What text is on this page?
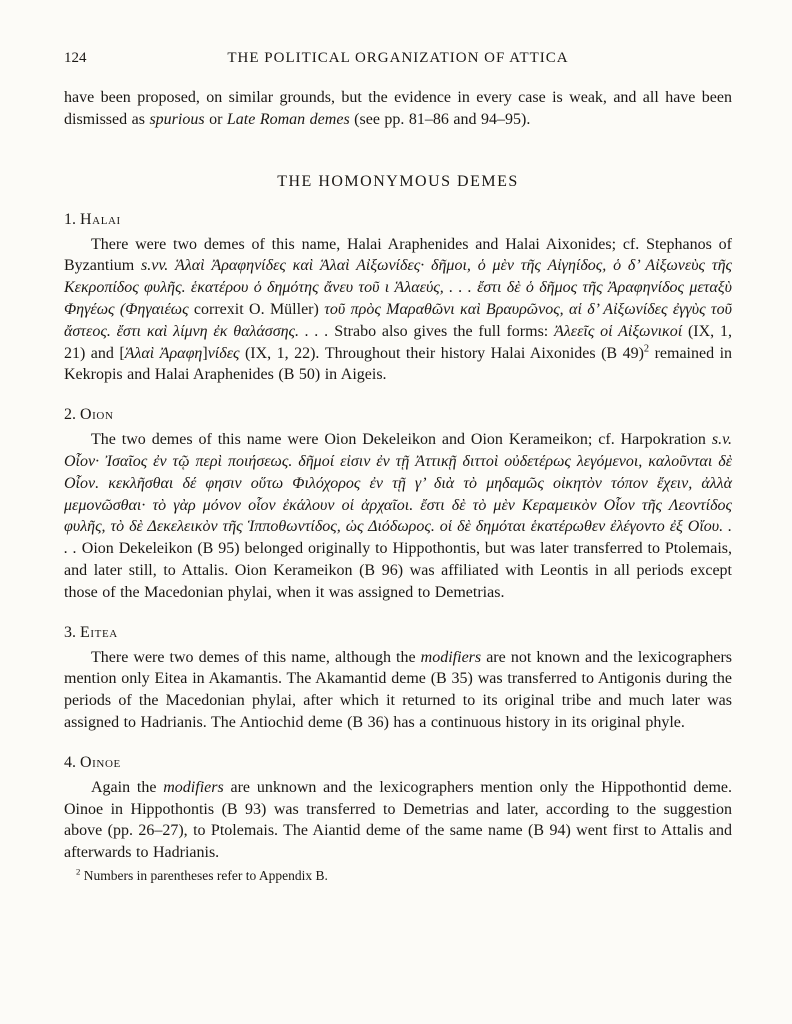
124	THE POLITICAL ORGANIZATION OF ATTICA

have been proposed, on similar grounds, but the evidence in every case is weak, and all have been dismissed as spurious or Late Roman demes (see pp. 81–86 and 94–95).

THE HOMONYMOUS DEMES
1. Halai

There were two demes of this name, Halai Araphenides and Halai Aixonides; cf. Stephanos of Byzantium s.vv. Ἁλαὶ Ἀραφηνίδες καὶ Ἁλαὶ Αἰξωνίδες· δῆμοι, ὁ μὲν τῆς Αἰγηίδος, ὁ δ’ Αἰξωνεὺς τῆς Κεκροπίδος φυλῆς. ἑκατέρου ὁ δημότης ἄνευ τοῦ ι Ἁλαεύς, . . . ἔστι δὲ ὁ δῆμος τῆς Ἀραφηνίδος μεταξὺ Φηγέως (Φηγαιέως correxit O. Müller) τοῦ πρὸς Μαραθῶνι καὶ Βραυρῶνος, αἱ δ’ Αἰξωνίδες ἐγγὺς τοῦ ἄστεος. ἔστι καὶ λίμνη ἐκ θαλάσσης. . . . Strabo also gives the full forms: Ἀλεεῖς οἱ Αἰξωνικοί (IX, 1, 21) and [Ἁλαὶ Ἀραφη]νίδες (IX, 1, 22). Throughout their history Halai Aixonides (B 49)$^2$ remained in Kekropis and Halai Araphenides (B 50) in Aigeis.

2. Oion

The two demes of this name were Oion Dekeleikon and Oion Kerameikon; cf. Harpokration s.v. Οἶον· Ἰσαῖος ἐν τῷ περὶ ποιήσεως. δῆμοί εἰσιν ἐν τῇ Ἀττικῇ διττοὶ οὐδετέρως λεγόμενοι, καλοῦνται δὲ Οἶον. κεκλῆσθαι δέ φησιν οὕτω Φιλόχορος ἐν τῇ γ’ διὰ τὸ μηδαμῶς οἰκητὸν τόπον ἔχειν, ἀλλὰ μεμονῶσθαι· τὸ γὰρ μόνον οἷον ἐκάλουν οἱ ἀρχαῖοι. ἔστι δὲ τὸ μὲν Κεραμεικὸν Οἷον τῆς Λεοντίδος φυλῆς, τὸ δὲ Δεκελεικὸν τῆς Ἱπποθωντίδος, ὡς Διόδωρος. οἱ δὲ δημόται ἑκατέρωθεν ἐλέγοντο ἐξ Οἴου. . . . Oion Dekeleikon (B 95) belonged originally to Hippothontis, but was later transferred to Ptolemais, and later still, to Attalis. Oion Kerameikon (B 96) was affiliated with Leontis in all periods except those of the Macedonian phylai, when it was assigned to Demetrias.

3. Eitea

There were two demes of this name, although the modifiers are not known and the lexicographers mention only Eitea in Akamantis. The Akamantid deme (B 35) was transferred to Antigonis during the periods of the Macedonian phylai, after which it returned to its original tribe and much later was assigned to Hadrianis. The Antiochid deme (B 36) has a continuous history in its original phyle.

4. Oinoe

Again the modifiers are unknown and the lexicographers mention only the Hippothontid deme. Oinoe in Hippothontis (B 93) was transferred to Demetrias and later, according to the suggestion above (pp. 26–27), to Ptolemais. The Aiantid deme of the same name (B 94) went first to Attalis and afterwards to Hadrianis.

$^2$ Numbers in parentheses refer to Appendix B.
